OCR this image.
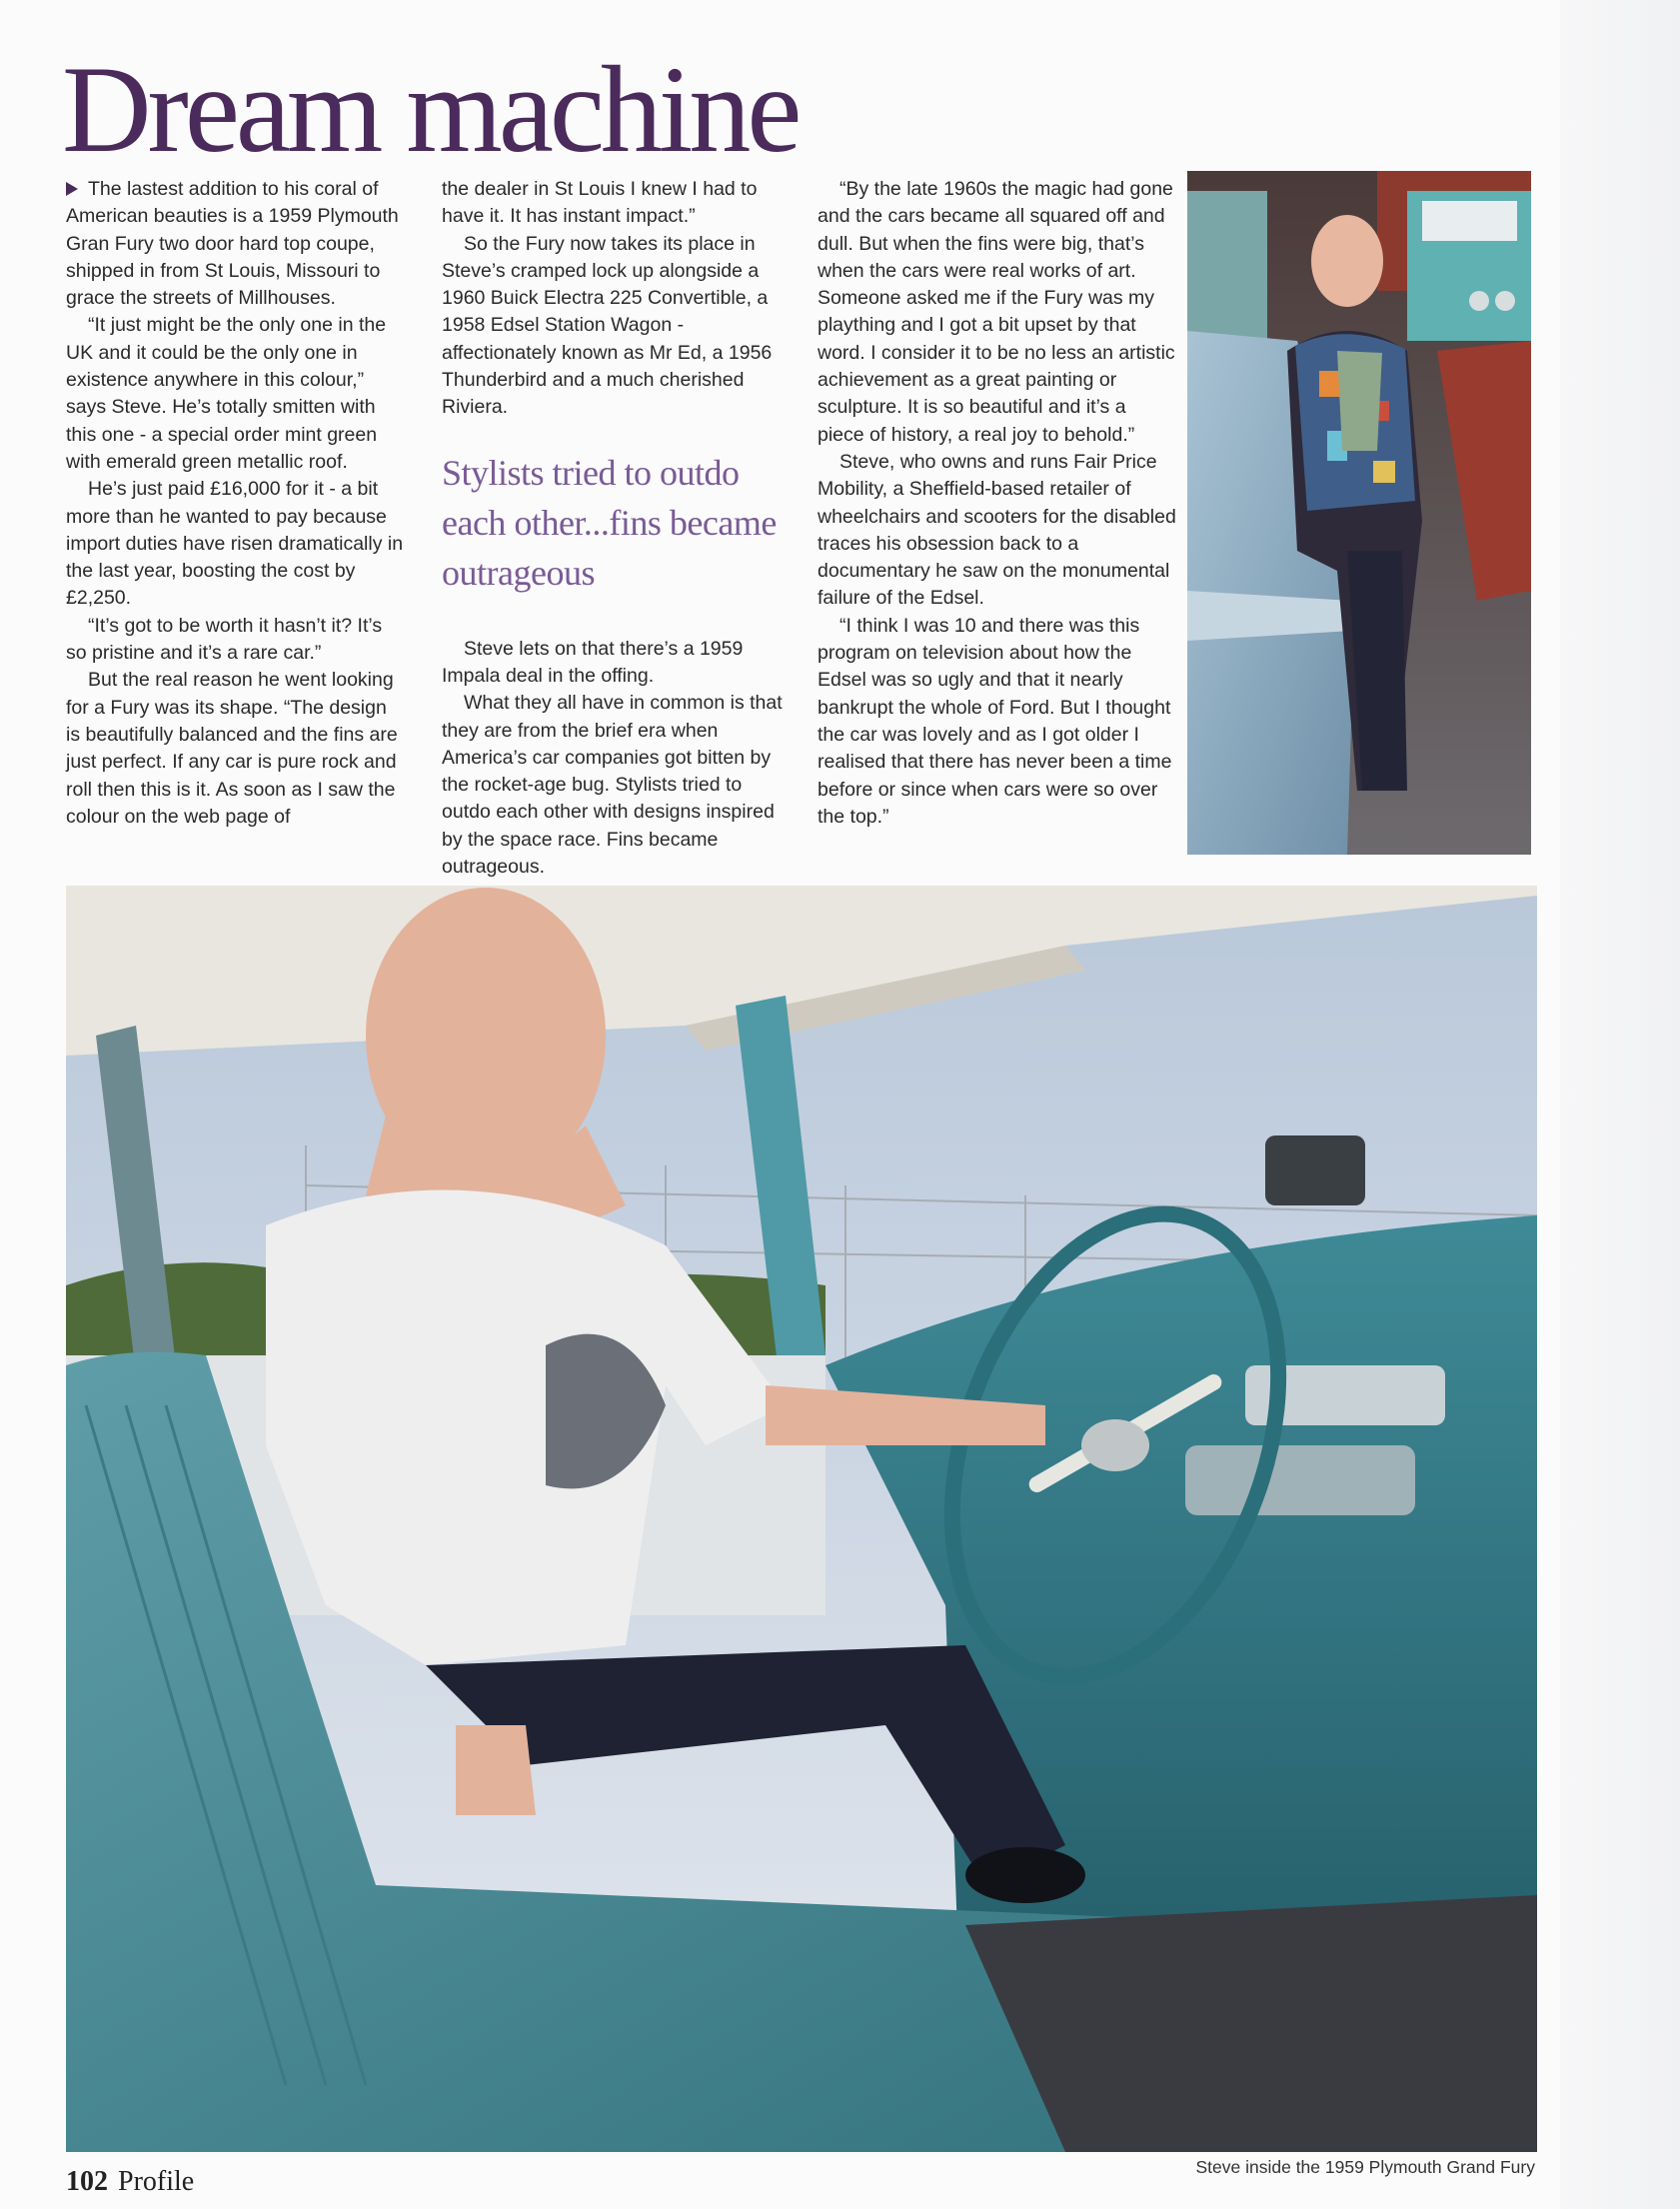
Dream machine

The lastest addition to his coral of American beauties is a 1959 Plymouth Gran Fury two door hard top coupe, shipped in from St Louis, Missouri to grace the streets of Millhouses.

“It just might be the only one in the UK and it could be the only one in existence anywhere in this colour,” says Steve. He’s totally smitten with this one - a special order mint green with emerald green metallic roof.

He’s just paid £16,000 for it - a bit more than he wanted to pay because import duties have risen dramatically in the last year, boosting the cost by £2,250.

“It’s got to be worth it hasn’t it? It’s so pristine and it’s a rare car.”

But the real reason he went looking for a Fury was its shape. “The design is beautifully balanced and the fins are just perfect. If any car is pure rock and roll then this is it. As soon as I saw the colour on the web page of

the dealer in St Louis I knew I had to have it. It has instant impact.”

So the Fury now takes its place in Steve’s cramped lock up alongside a 1960 Buick Electra 225 Convertible, a 1958 Edsel Station Wagon - affectionately known as Mr Ed, a 1956 Thunderbird and a much cherished Riviera.

Stylists tried to outdo each other...fins became outrageous

Steve lets on that there’s a 1959 Impala deal in the offing.

What they all have in common is that they are from the brief era when America’s car companies got bitten by the rocket-age bug. Stylists tried to outdo each other with designs inspired by the space race. Fins became outrageous.

“By the late 1960s the magic had gone and the cars became all squared off and dull. But when the fins were big, that’s when the cars were real works of art. Someone asked me if the Fury was my plaything and I got a bit upset by that word. I consider it to be no less an artistic achievement as a great painting or sculpture. It is so beautiful and it’s a piece of history, a real joy to behold.”

Steve, who owns and runs Fair Price Mobility, a Sheffield-based retailer of wheelchairs and scooters for the disabled traces his obsession back to a documentary he saw on the monumental failure of the Edsel.

“I think I was 10 and there was this program on television about how the Edsel was so ugly and that it nearly bankrupt the whole of Ford. But I thought the car was lovely and as I got older I realised that there has never been a time before or since when cars were so over the top.”

Steve inside the 1959 Plymouth Grand Fury
102 Profile
